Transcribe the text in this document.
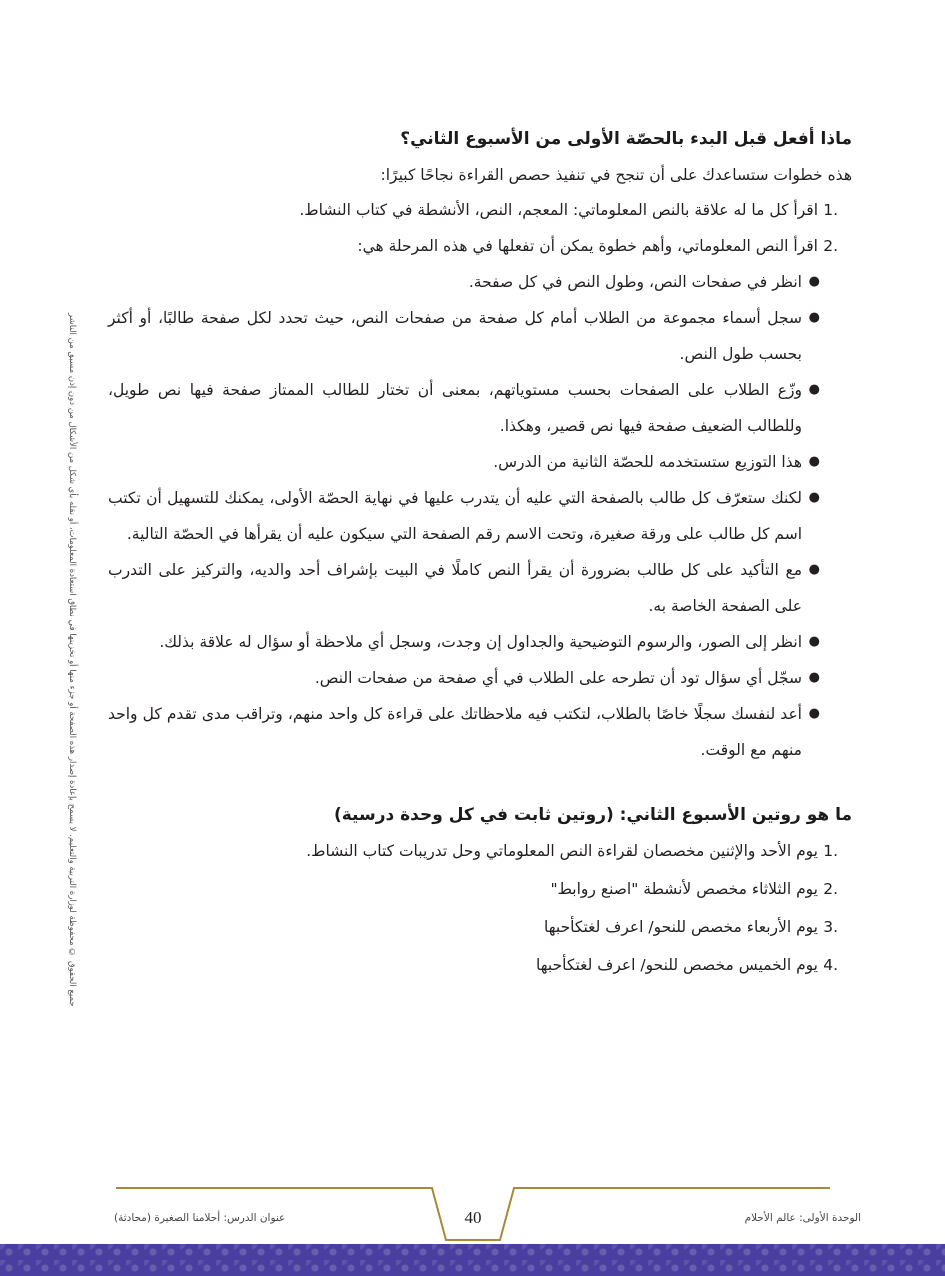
جميع الحقوق © محفوظة لوزارة التربية والتعليم. لا يسمح بإعادة إصدار هذه الصفحة أو جزء منها أو تخزينها في نطاق استعادة المعلومات، أو نقله بأي شكل من الأشكال من دون إذن مسبق من الناشر
ماذا أفعل قبل البدء بالحصّة الأولى من الأسبوع الثاني؟

هذه خطوات ستساعدك على أن تنجح في تنفيذ حصص القراءة نجاحًا كبيرًا:

1.
اقرأ كل ما له علاقة بالنص المعلوماتي: المعجم، النص، الأنشطة في كتاب النشاط.
2.
اقرأ النص المعلوماتي، وأهم خطوة يمكن أن تفعلها في هذه المرحلة هي:
●
انظر في صفحات النص، وطول النص في كل صفحة.
●
سجل أسماء مجموعة من الطلاب أمام كل صفحة من صفحات النص، حيث تحدد لكل صفحة طالبًا، أو أكثر بحسب طول النص.
●
وزّع الطلاب على الصفحات بحسب مستوياتهم، بمعنى أن تختار للطالب الممتاز صفحة فيها نص طويل، وللطالب الضعيف صفحة فيها نص قصير، وهكذا.
●
هذا التوزيع ستستخدمه للحصّة الثانية من الدرس.
●
لكنك ستعرّف كل طالب بالصفحة التي عليه أن يتدرب عليها في نهاية الحصّة الأولى، يمكنك للتسهيل أن تكتب اسم كل طالب على ورقة صغيرة، وتحت الاسم رقم الصفحة التي سيكون عليه أن يقرأها في الحصّة التالية.
●
مع التأكيد على كل طالب بضرورة أن يقرأ النص كاملًا في البيت بإشراف أحد والديه، والتركيز على التدرب على الصفحة الخاصة به.
●
انظر إلى الصور، والرسوم التوضيحية والجداول إن وجدت، وسجل أي ملاحظة أو سؤال له علاقة بذلك.
●
سجّل أي سؤال تود أن تطرحه على الطلاب في أي صفحة من صفحات النص.
●
أعد لنفسك سجلًا خاصًا بالطلاب، لتكتب فيه ملاحظاتك على قراءة كل واحد منهم، وتراقب مدى تقدم كل واحد منهم مع الوقت.
ما هو روتين الأسبوع الثاني: (روتين ثابت في كل وحدة درسية)
1.
يوم الأحد والإثنين مخصصان لقراءة النص المعلوماتي وحل تدريبات كتاب النشاط.
2.
يوم الثلاثاء مخصص لأنشطة "اصنع روابط"
3.
يوم الأربعاء مخصص للنحو/ اعرف لغتكأحبها
4.
يوم الخميس مخصص للنحو/ اعرف لغتكأحبها
عنوان الدرس: أحلامنا الصغيرة (محادثة)	40	الوحدة الأولى: عالم الأحلام
